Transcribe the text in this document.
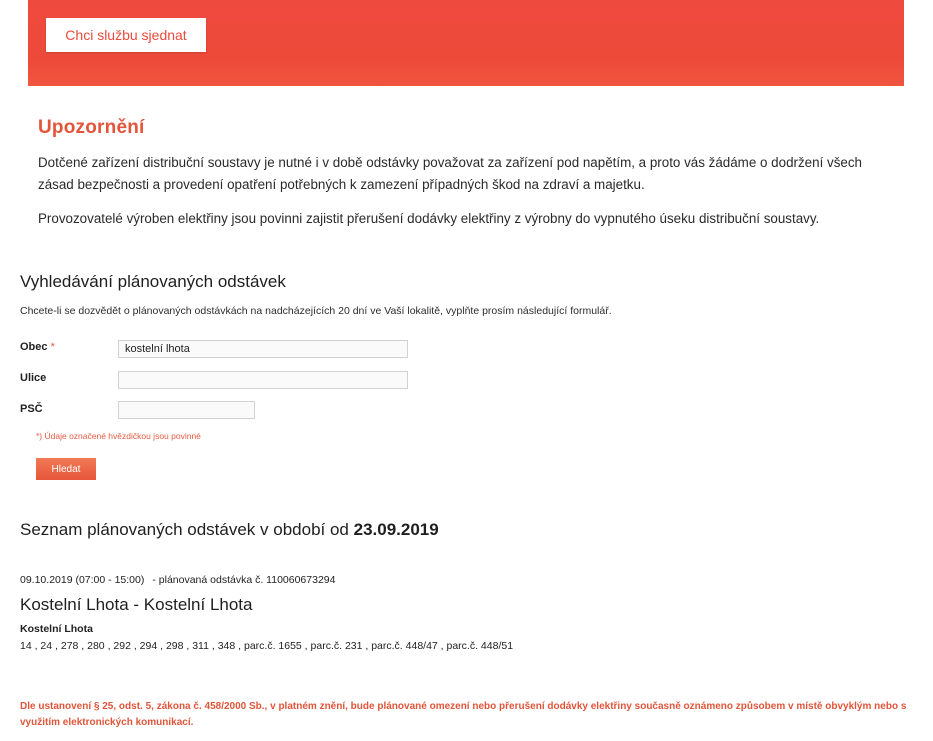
Chci službu sjednat
Upozornění

Dotčené zařízení distribuční soustavy je nutné i v době odstávky považovat za zařízení pod napětím, a proto vás žádáme o dodržení všech zásad bezpečnosti a provedení opatření potřebných k zamezení případných škod na zdraví a majetku.

Provozovatelé výroben elektřiny jsou povinni zajistit přerušení dodávky elektřiny z výrobny do vypnutého úseku distribuční soustavy.

Vyhledávání plánovaných odstávek

Chcete-li se dozvědět o plánovaných odstávkách na nadcházejících 20 dní ve Vaší lokalitě, vyplňte prosím následující formulář.

Obec *
kostelní lhota
Ulice
PSČ
*) Údaje označené hvězdičkou jsou povinné
Hledat
Seznam plánovaných odstávek v období od 23.09.2019
09.10.2019 (07:00 - 15:00) - plánovaná odstávka č. 110060673294
Kostelní Lhota - Kostelní Lhota
Kostelní Lhota
14 , 24 , 278 , 280 , 292 , 294 , 298 , 311 , 348 , parc.č. 1655 , parc.č. 231 , parc.č. 448/47 , parc.č. 448/51

Dle ustanovení § 25, odst. 5, zákona č. 458/2000 Sb., v platném znění, bude plánované omezení nebo přerušení dodávky elektřiny současně oznámeno způsobem v místě obvyklým nebo s využitím elektronických komunikací.
